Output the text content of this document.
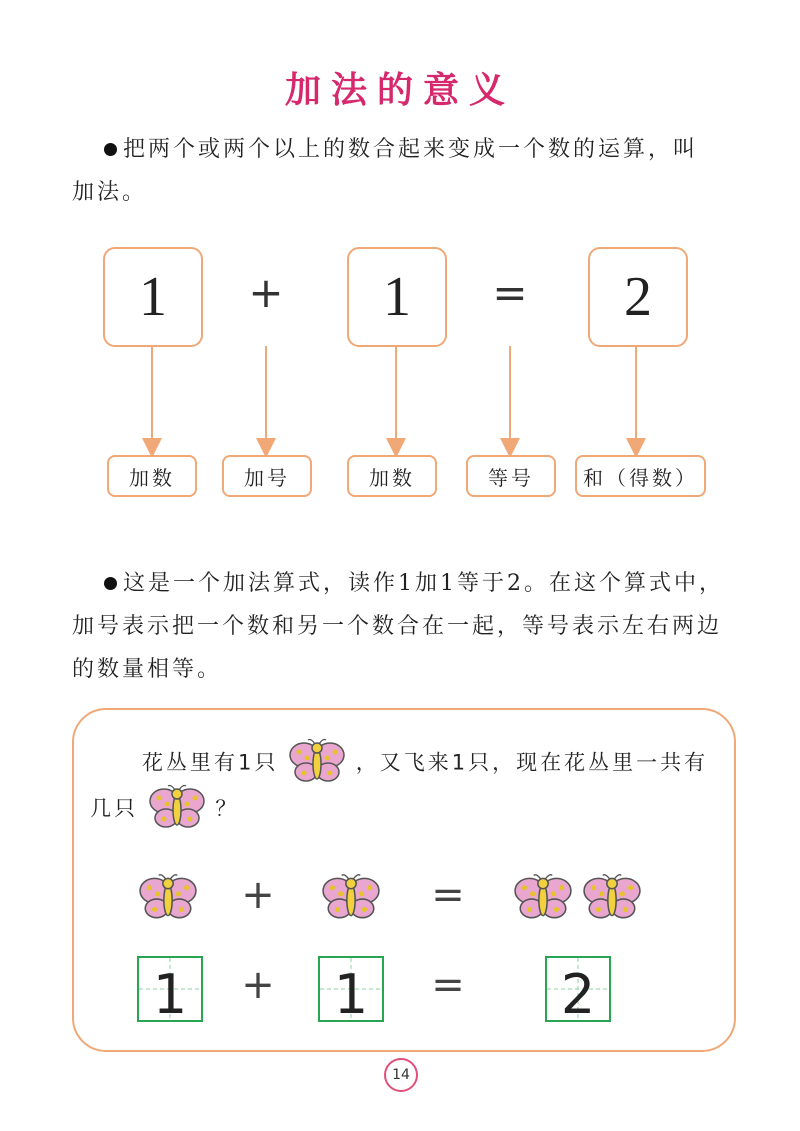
加法的意义
把两个或两个以上的数合起来变成一个数的运算，叫
加法。
1	+	1	=	2
加数	加号	加数	等号	和（得数）
这是一个加法算式，读作1加1等于2。在这个算式中，
加号表示把一个数和另一个数合在一起，等号表示左右两边
的数量相等。
花丛里有1只	，又飞来1只，现在花丛里一共有
几只	？
+	=
1	+ 1	= 2
14
